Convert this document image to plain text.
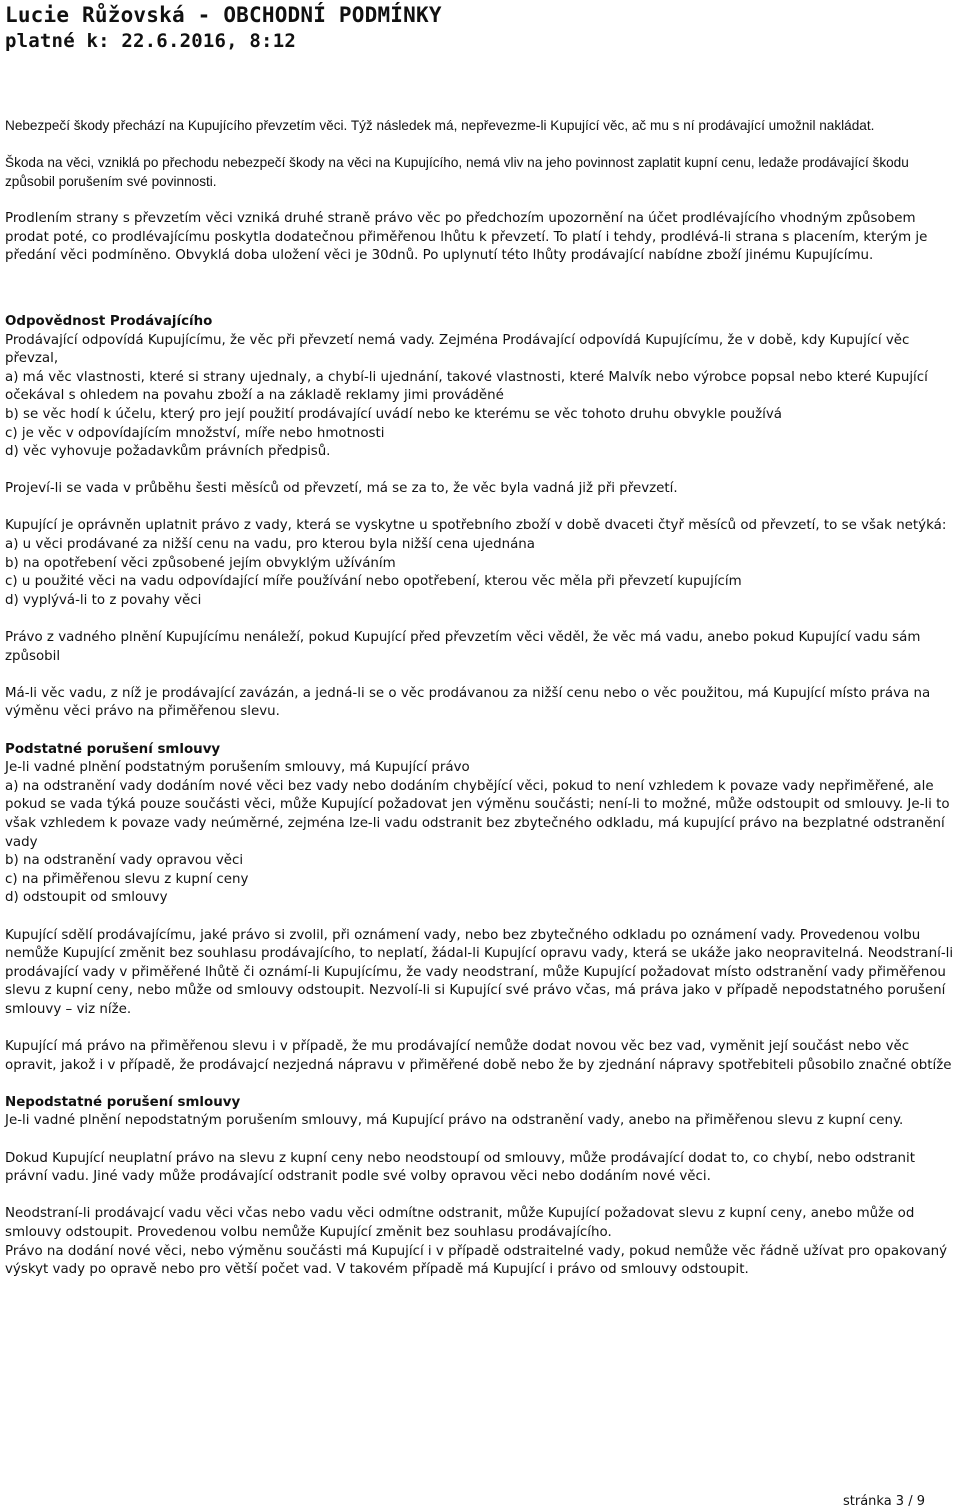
Lucie Růžovská - OBCHODNÍ PODMÍNKY
platné k: 22.6.2016, 8:12

Nebezpečí škody přechází na Kupujícího převzetím věci. Týž následek má, nepřevezme-li Kupující věc, ač mu s ní prodávající umožnil nakládat.

Škoda na věci, vzniklá po přechodu nebezpečí škody na věci na Kupujícího, nemá vliv na jeho povinnost zaplatit kupní cenu, ledaže prodávající škodu způsobil porušením své povinnosti.

Prodlením strany s převzetím věci vzniká druhé straně právo věc po předchozím upozornění na účet prodlévajícího vhodným způsobem prodat poté, co prodlévajícímu poskytla dodatečnou přiměřenou lhůtu k převzetí. To platí i tehdy, prodlévá-li strana s placením, kterým je předání věci podmíněno. Obvyklá doba uložení věci je 30dnů. Po uplynutí této lhůty prodávající nabídne zboží jinému Kupujícímu.

Odpovědnost Prodávajícího
Prodávající odpovídá Kupujícímu, že věc při převzetí nemá vady. Zejména Prodávající odpovídá Kupujícímu, že v době, kdy Kupující věc převzal,
a) má věc vlastnosti, které si strany ujednaly, a chybí-li ujednání, takové vlastnosti, které Malvík nebo výrobce popsal nebo které Kupující očekával s ohledem na povahu zboží a na základě reklamy jimi prováděné
b) se věc hodí k účelu, který pro její použití prodávající uvádí nebo ke kterému se věc tohoto druhu obvykle používá
c) je věc v odpovídajícím množství, míře nebo hmotnosti
d) věc vyhovuje požadavkům právních předpisů.

Projeví-li se vada v průběhu šesti měsíců od převzetí, má se za to, že věc byla vadná již při převzetí.

Kupující je oprávněn uplatnit právo z vady, která se vyskytne u spotřebního zboží v době dvaceti čtyř měsíců od převzetí, to se však netýká:
a) u věci prodávané za nižší cenu na vadu, pro kterou byla nižší cena ujednána
b) na opotřebení věci způsobené jejím obvyklým užíváním
c) u použité věci na vadu odpovídající míře používání nebo opotřebení, kterou věc měla při převzetí kupujícím
d) vyplývá-li to z povahy věci

Právo z vadného plnění Kupujícímu nenáleží, pokud Kupující před převzetím věci věděl, že věc má vadu, anebo pokud Kupující vadu sám způsobil

Má-li věc vadu, z níž je prodávající zavázán, a jedná-li se o věc prodávanou za nižší cenu nebo o věc použitou, má Kupující místo práva na výměnu věci právo na přiměřenou slevu.

Podstatné porušení smlouvy
Je-li vadné plnění podstatným porušením smlouvy, má Kupující právo
a) na odstranění vady dodáním nové věci bez vady nebo dodáním chybějící věci, pokud to není vzhledem k povaze vady nepřiměřené, ale pokud se vada týká pouze součásti věci, může Kupující požadovat jen výměnu součásti; není-li to možné, může odstoupit od smlouvy. Je-li to však vzhledem k povaze vady neúměrné, zejména lze-li vadu odstranit bez zbytečného odkladu, má kupující právo na bezplatné odstranění vady
b) na odstranění vady opravou věci
c) na přiměřenou slevu z kupní ceny
d) odstoupit od smlouvy

Kupující sdělí prodávajícímu, jaké právo si zvolil, při oznámení vady, nebo bez zbytečného odkladu po oznámení vady. Provedenou volbu nemůže Kupující změnit bez souhlasu prodávajícího, to neplatí, žádal-li Kupující opravu vady, která se ukáže jako neopravitelná. Neodstraní-li prodávající vady v přiměřené lhůtě či oznámí-li Kupujícímu, že vady neodstraní, může Kupující požadovat místo odstranění vady přiměřenou slevu z kupní ceny, nebo může od smlouvy odstoupit. Nezvolí-li si Kupující své právo včas, má práva jako v případě nepodstatného porušení smlouvy – viz níže.

Kupující má právo na přiměřenou slevu i v případě, že mu prodávající nemůže dodat novou věc bez vad, vyměnit její součást nebo věc opravit, jakož i v případě, že prodávajcí nezjedná nápravu v přiměřené době nebo že by zjednání nápravy spotřebiteli působilo značné obtíže

Nepodstatné porušení smlouvy
Je-li vadné plnění nepodstatným porušením smlouvy, má Kupující právo na odstranění vady, anebo na přiměřenou slevu z kupní ceny.

Dokud Kupující neuplatní právo na slevu z kupní ceny nebo neodstoupí od smlouvy, může prodávající dodat to, co chybí, nebo odstranit právní vadu. Jiné vady může prodávající odstranit podle své volby opravou věci nebo dodáním nové věci.

Neodstraní-li prodávajcí vadu věci včas nebo vadu věci odmítne odstranit, může Kupující požadovat slevu z kupní ceny, anebo může od smlouvy odstoupit. Provedenou volbu nemůže Kupující změnit bez souhlasu prodávajícího.
Právo na dodání nové věci, nebo výměnu součásti má Kupující i v případě odstraitelné vady, pokud nemůže věc řádně užívat pro opakovaný výskyt vady po opravě nebo pro větší počet vad. V takovém případě má Kupující i právo od smlouvy odstoupit.
stránka 3 / 9
